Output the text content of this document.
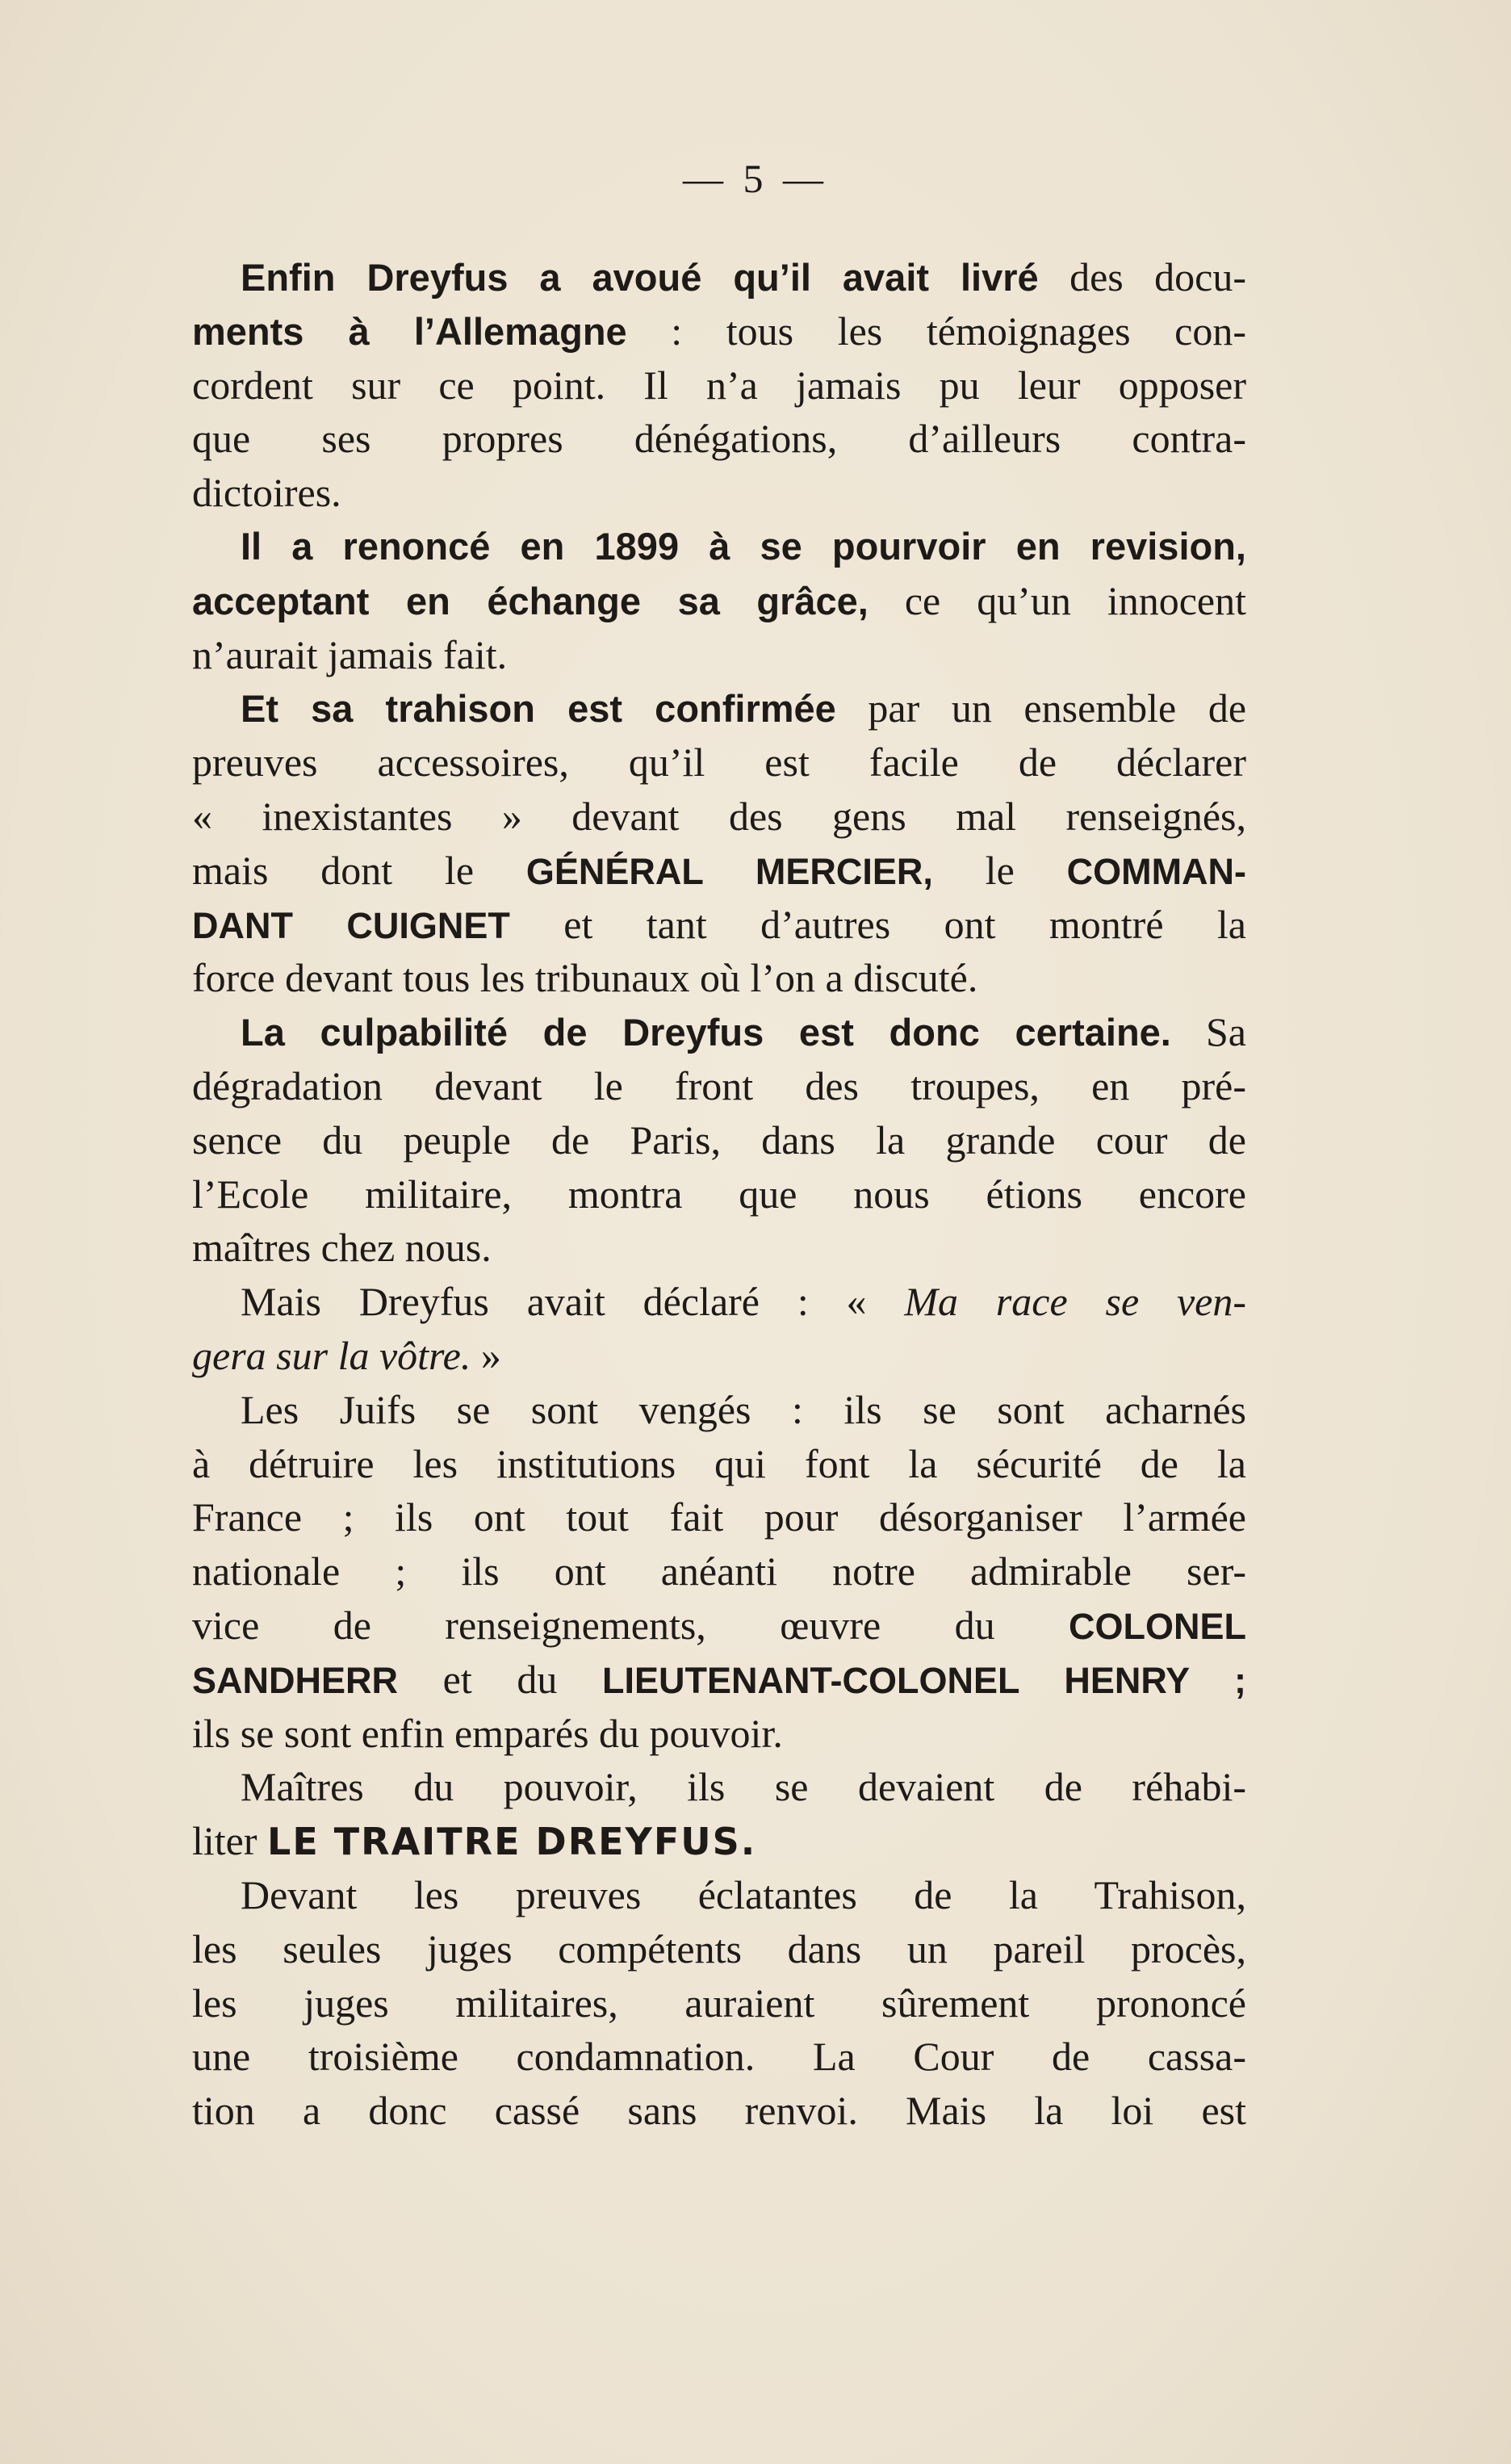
— 5 —
Enfin Dreyfus a avoué qu’il avait livré des docu-
ments à l’Allemagne : tous les témoignages con-
cordent sur ce point. Il n’a jamais pu leur opposer
que ses propres dénégations, d’ailleurs contra-
dictoires.
Il a renoncé en 1899 à se pourvoir en revision,
acceptant en échange sa grâce, ce qu’un innocent
n’aurait jamais fait.
Et sa trahison est confirmée par un ensemble de
preuves accessoires, qu’il est facile de déclarer
« inexistantes » devant des gens mal renseignés,
mais dont le GÉNÉRAL MERCIER, le COMMAN-
DANT CUIGNET et tant d’autres ont montré la
force devant tous les tribunaux où l’on a discuté.
La culpabilité de Dreyfus est donc certaine. Sa
dégradation devant le front des troupes, en pré-
sence du peuple de Paris, dans la grande cour de
l’Ecole militaire, montra que nous étions encore
maîtres chez nous.
Mais Dreyfus avait déclaré : « Ma race se ven-
gera sur la vôtre. »
Les Juifs se sont vengés : ils se sont acharnés
à détruire les institutions qui font la sécurité de la
France ; ils ont tout fait pour désorganiser l’armée
nationale ; ils ont anéanti notre admirable ser-
vice de renseignements, œuvre du COLONEL
SANDHERR et du LIEUTENANT-COLONEL HENRY ;
ils se sont enfin emparés du pouvoir.
Maîtres du pouvoir, ils se devaient de réhabi-
liter LE TRAITRE DREYFUS.
Devant les preuves éclatantes de la Trahison,
les seules juges compétents dans un pareil procès,
les juges militaires, auraient sûrement prononcé
une troisième condamnation. La Cour de cassa-
tion a donc cassé sans renvoi. Mais la loi est
